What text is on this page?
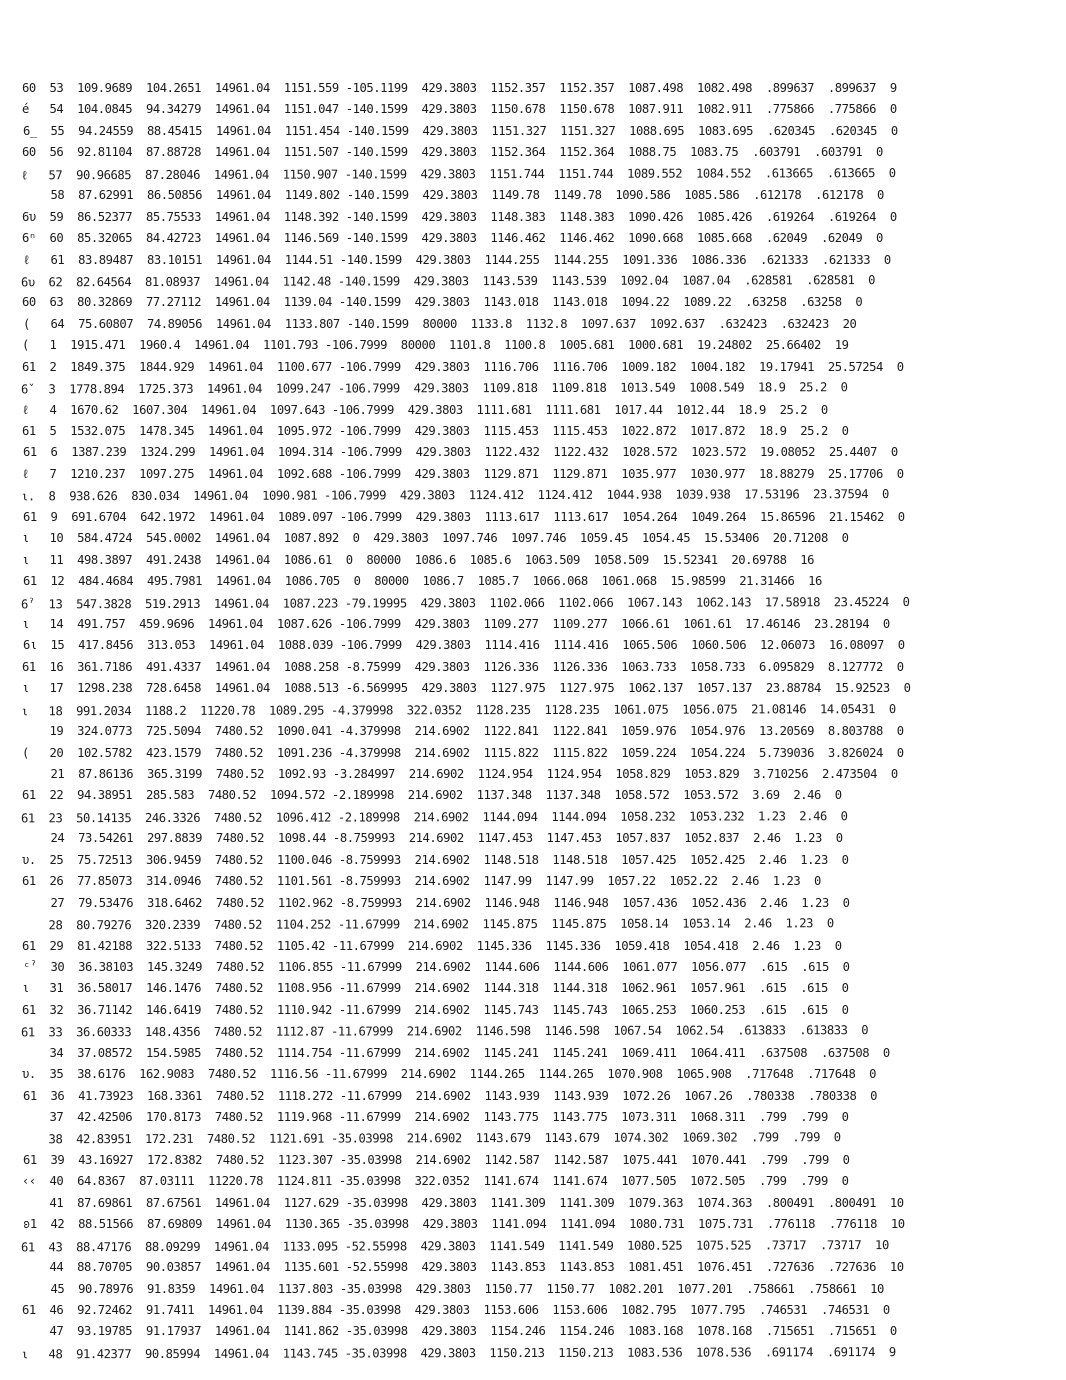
60  53  109.9689  104.2651  14961.04  1151.559 -105.1199  429.3803  1152.357  1152.357  1087.498  1082.498  .899637  .899637  9
é   54  104.0845  94.34279  14961.04  1151.047 -140.1599  429.3803  1150.678  1150.678  1087.911  1082.911  .775866  .775866  0
6_  55  94.24559  88.45415  14961.04  1151.454 -140.1599  429.3803  1151.327  1151.327  1088.695  1083.695  .620345  .620345  0
60  56  92.81104  87.88728  14961.04  1151.507 -140.1599  429.3803  1152.364  1152.364  1088.75  1083.75  .603791  .603791  0
ℓ   57  90.96685  87.28046  14961.04  1150.907 -140.1599  429.3803  1151.744  1151.744  1089.552  1084.552  .613665  .613665  0
58  87.62991  86.50856  14961.04  1149.802 -140.1599  429.3803  1149.78  1149.78  1090.586  1085.586  .612178  .612178  0
6υ  59  86.52377  85.75533  14961.04  1148.392 -140.1599  429.3803  1148.383  1148.383  1090.426  1085.426  .619264  .619264  0
6ⁿ  60  85.32065  84.42723  14961.04  1146.569 -140.1599  429.3803  1146.462  1146.462  1090.668  1085.668  .62049  .62049  0
ℓ   61  83.89487  83.10151  14961.04  1144.51 -140.1599  429.3803  1144.255  1144.255  1091.336  1086.336  .621333  .621333  0
6υ  62  82.64564  81.08937  14961.04  1142.48 -140.1599  429.3803  1143.539  1143.539  1092.04  1087.04  .628581  .628581  0
60  63  80.32869  77.27112  14961.04  1139.04 -140.1599  429.3803  1143.018  1143.018  1094.22  1089.22  .63258  .63258  0
(   64  75.60807  74.89056  14961.04  1133.807 -140.1599  80000  1133.8  1132.8  1097.637  1092.637  .632423  .632423  20
(   1  1915.471  1960.4  14961.04  1101.793 -106.7999  80000  1101.8  1100.8  1005.681  1000.681  19.24802  25.66402  19
61  2  1849.375  1844.929  14961.04  1100.677 -106.7999  429.3803  1116.706  1116.706  1009.182  1004.182  19.17941  25.57254  0
6ˇ  3  1778.894  1725.373  14961.04  1099.247 -106.7999  429.3803  1109.818  1109.818  1013.549  1008.549  18.9  25.2  0
ℓ   4  1670.62  1607.304  14961.04  1097.643 -106.7999  429.3803  1111.681  1111.681  1017.44  1012.44  18.9  25.2  0
61  5  1532.075  1478.345  14961.04  1095.972 -106.7999  429.3803  1115.453  1115.453  1022.872  1017.872  18.9  25.2  0
61  6  1387.239  1324.299  14961.04  1094.314 -106.7999  429.3803  1122.432  1122.432  1028.572  1023.572  19.08052  25.4407  0
ℓ   7  1210.237  1097.275  14961.04  1092.688 -106.7999  429.3803  1129.871  1129.871  1035.977  1030.977  18.88279  25.17706  0
ι.  8  938.626  830.034  14961.04  1090.981 -106.7999  429.3803  1124.412  1124.412  1044.938  1039.938  17.53196  23.37594  0
61  9  691.6704  642.1972  14961.04  1089.097 -106.7999  429.3803  1113.617  1113.617  1054.264  1049.264  15.86596  21.15462  0
ι   10  584.4724  545.0002  14961.04  1087.892  0  429.3803  1097.746  1097.746  1059.45  1054.45  15.53406  20.71208  0
ι   11  498.3897  491.2438  14961.04  1086.61  0  80000  1086.6  1085.6  1063.509  1058.509  15.52341  20.69788  16
61  12  484.4684  495.7981  14961.04  1086.705  0  80000  1086.7  1085.7  1066.068  1061.068  15.98599  21.31466  16
6ˀ  13  547.3828  519.2913  14961.04  1087.223 -79.19995  429.3803  1102.066  1102.066  1067.143  1062.143  17.58918  23.45224  0
ι   14  491.757  459.9696  14961.04  1087.626 -106.7999  429.3803  1109.277  1109.277  1066.61  1061.61  17.46146  23.28194  0
6ι  15  417.8456  313.053  14961.04  1088.039 -106.7999  429.3803  1114.416  1114.416  1065.506  1060.506  12.06073  16.08097  0
61  16  361.7186  491.4337  14961.04  1088.258 -8.75999  429.3803  1126.336  1126.336  1063.733  1058.733  6.095829  8.127772  0
ι   17  1298.238  728.6458  14961.04  1088.513 -6.569995  429.3803  1127.975  1127.975  1062.137  1057.137  23.88784  15.92523  0
ι   18  991.2034  1188.2  11220.78  1089.295 -4.379998  322.0352  1128.235  1128.235  1061.075  1056.075  21.08146  14.05431  0
19  324.0773  725.5094  7480.52  1090.041 -4.379998  214.6902  1122.841  1122.841  1059.976  1054.976  13.20569  8.803788  0
(   20  102.5782  423.1579  7480.52  1091.236 -4.379998  214.6902  1115.822  1115.822  1059.224  1054.224  5.739036  3.826024  0
21  87.86136  365.3199  7480.52  1092.93 -3.284997  214.6902  1124.954  1124.954  1058.829  1053.829  3.710256  2.473504  0
61  22  94.38951  285.583  7480.52  1094.572 -2.189998  214.6902  1137.348  1137.348  1058.572  1053.572  3.69  2.46  0
61  23  50.14135  246.3326  7480.52  1096.412 -2.189998  214.6902  1144.094  1144.094  1058.232  1053.232  1.23  2.46  0
24  73.54261  297.8839  7480.52  1098.44 -8.759993  214.6902  1147.453  1147.453  1057.837  1052.837  2.46  1.23  0
υ.  25  75.72513  306.9459  7480.52  1100.046 -8.759993  214.6902  1148.518  1148.518  1057.425  1052.425  2.46  1.23  0
61  26  77.85073  314.0946  7480.52  1101.561 -8.759993  214.6902  1147.99  1147.99  1057.22  1052.22  2.46  1.23  0
27  79.53476  318.6462  7480.52  1102.962 -8.759993  214.6902  1146.948  1146.948  1057.436  1052.436  2.46  1.23  0
28  80.79276  320.2339  7480.52  1104.252 -11.67999  214.6902  1145.875  1145.875  1058.14  1053.14  2.46  1.23  0
61  29  81.42188  322.5133  7480.52  1105.42 -11.67999  214.6902  1145.336  1145.336  1059.418  1054.418  2.46  1.23  0
ᶜˀ  30  36.38103  145.3249  7480.52  1106.855 -11.67999  214.6902  1144.606  1144.606  1061.077  1056.077  .615  .615  0
ι   31  36.58017  146.1476  7480.52  1108.956 -11.67999  214.6902  1144.318  1144.318  1062.961  1057.961  .615  .615  0
61  32  36.71142  146.6419  7480.52  1110.942 -11.67999  214.6902  1145.743  1145.743  1065.253  1060.253  .615  .615  0
61  33  36.60333  148.4356  7480.52  1112.87 -11.67999  214.6902  1146.598  1146.598  1067.54  1062.54  .613833  .613833  0
34  37.08572  154.5985  7480.52  1114.754 -11.67999  214.6902  1145.241  1145.241  1069.411  1064.411  .637508  .637508  0
υ.  35  38.6176  162.9083  7480.52  1116.56 -11.67999  214.6902  1144.265  1144.265  1070.908  1065.908  .717648  .717648  0
61  36  41.73923  168.3361  7480.52  1118.272 -11.67999  214.6902  1143.939  1143.939  1072.26  1067.26  .780338  .780338  0
37  42.42506  170.8173  7480.52  1119.968 -11.67999  214.6902  1143.775  1143.775  1073.311  1068.311  .799  .799  0
38  42.83951  172.231  7480.52  1121.691 -35.03998  214.6902  1143.679  1143.679  1074.302  1069.302  .799  .799  0
61  39  43.16927  172.8382  7480.52  1123.307 -35.03998  214.6902  1142.587  1142.587  1075.441  1070.441  .799  .799  0
‹‹  40  64.8367  87.03111  11220.78  1124.811 -35.03998  322.0352  1141.674  1141.674  1077.505  1072.505  .799  .799  0
41  87.69861  87.67561  14961.04  1127.629 -35.03998  429.3803  1141.309  1141.309  1079.363  1074.363  .800491  .800491  10
ʚ1  42  88.51566  87.69809  14961.04  1130.365 -35.03998  429.3803  1141.094  1141.094  1080.731  1075.731  .776118  .776118  10
61  43  88.47176  88.09299  14961.04  1133.095 -52.55998  429.3803  1141.549  1141.549  1080.525  1075.525  .73717  .73717  10
44  88.70705  90.03857  14961.04  1135.601 -52.55998  429.3803  1143.853  1143.853  1081.451  1076.451  .727636  .727636  10
45  90.78976  91.8359  14961.04  1137.803 -35.03998  429.3803  1150.77  1150.77  1082.201  1077.201  .758661  .758661  10
61  46  92.72462  91.7411  14961.04  1139.884 -35.03998  429.3803  1153.606  1153.606  1082.795  1077.795  .746531  .746531  0
47  93.19785  91.17937  14961.04  1141.862 -35.03998  429.3803  1154.246  1154.246  1083.168  1078.168  .715651  .715651  0
ι   48  91.42377  90.85994  14961.04  1143.745 -35.03998  429.3803  1150.213  1150.213  1083.536  1078.536  .691174  .691174  9
